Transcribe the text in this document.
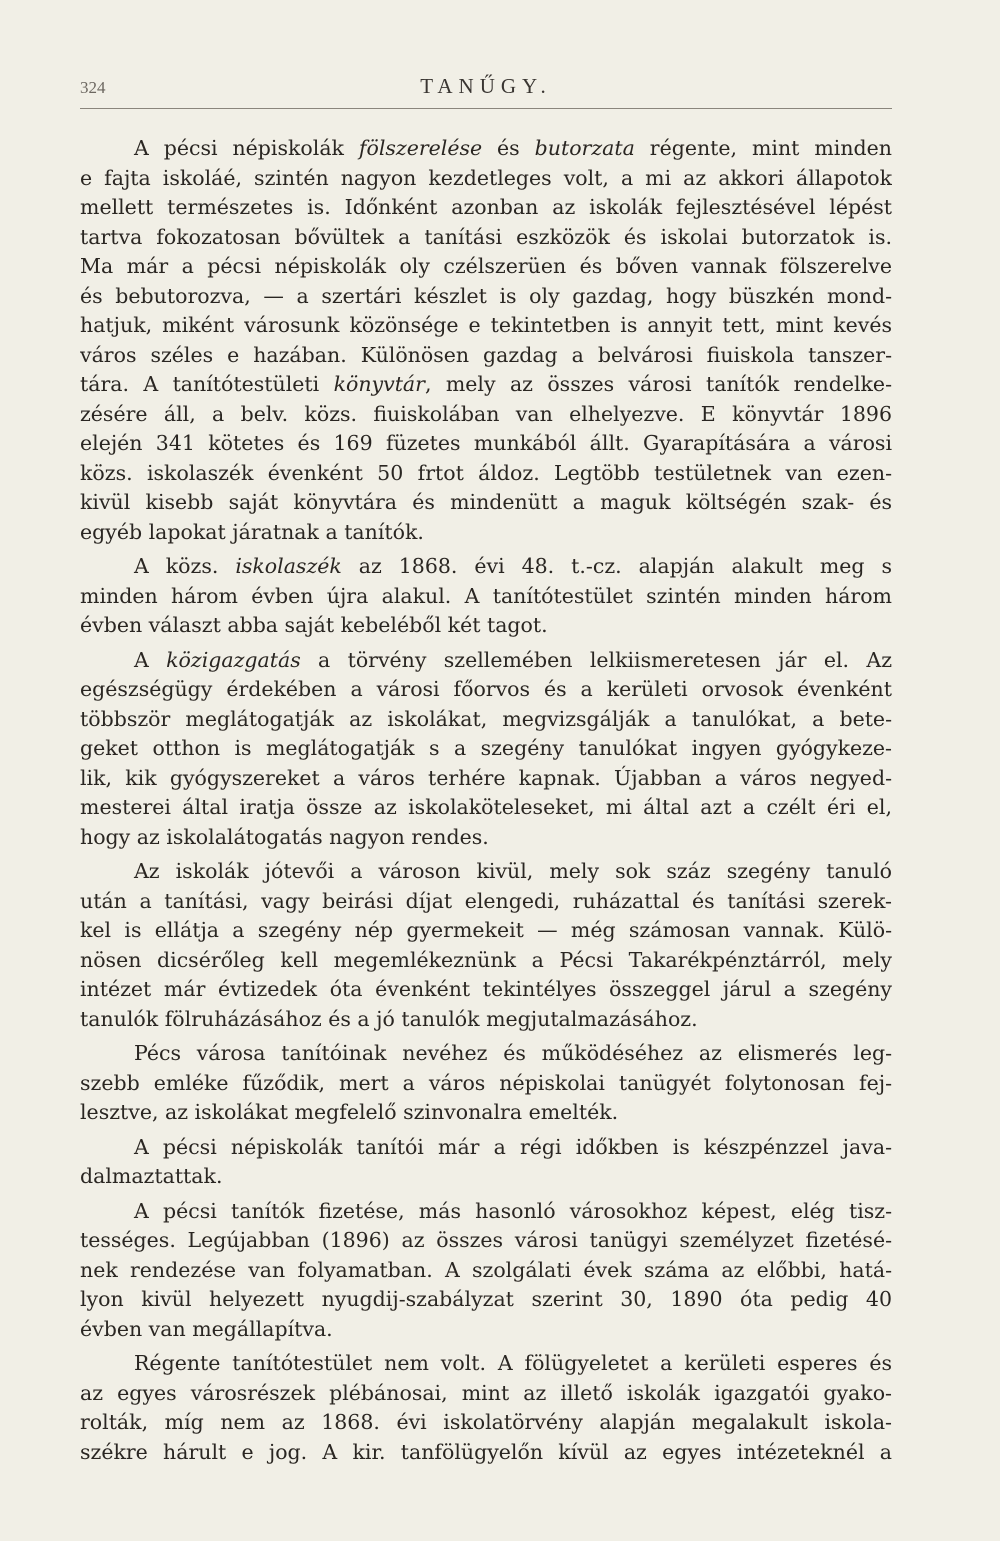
324	TANŰGY.
A pécsi népiskolák fölszerelése és butorzata régente, mint minden
e fajta iskoláé, szintén nagyon kezdetleges volt, a mi az akkori állapotok
mellett természetes is. Időnként azonban az iskolák fejlesztésével lépést
tartva fokozatosan bővültek a tanítási eszközök és iskolai butorzatok is.
Ma már a pécsi népiskolák oly czélszerüen és bőven vannak fölszerelve
és bebutorozva, — a szertári készlet is oly gazdag, hogy büszkén mond-
hatjuk, miként városunk közönsége e tekintetben is annyit tett, mint kevés
város széles e hazában. Különösen gazdag a belvárosi fiuiskola tanszer-
tára. A tanítótestületi könyvtár, mely az összes városi tanítók rendelke-
zésére áll, a belv. közs. fiuiskolában van elhelyezve. E könyvtár 1896
elején 341 kötetes és 169 füzetes munkából állt. Gyarapítására a városi
közs. iskolaszék évenként 50 frtot áldoz. Legtöbb testületnek van ezen-
kivül kisebb saját könyvtára és mindenütt a maguk költségén szak- és
egyéb lapokat járatnak a tanítók.
A közs. iskolaszék az 1868. évi 48. t.-cz. alapján alakult meg s
minden három évben újra alakul. A tanítótestület szintén minden három
évben választ abba saját kebeléből két tagot.
A közigazgatás a törvény szellemében lelkiismeretesen jár el. Az
egészségügy érdekében a városi főorvos és a kerületi orvosok évenként
többször meglátogatják az iskolákat, megvizsgálják a tanulókat, a bete-
geket otthon is meglátogatják s a szegény tanulókat ingyen gyógykeze-
lik, kik gyógyszereket a város terhére kapnak. Újabban a város negyed-
mesterei által iratja össze az iskolaköteleseket, mi által azt a czélt éri el,
hogy az iskolalátogatás nagyon rendes.
Az iskolák jótevői a városon kivül, mely sok száz szegény tanuló
után a tanítási, vagy beirási díjat elengedi, ruházattal és tanítási szerek-
kel is ellátja a szegény nép gyermekeit — még számosan vannak. Külö-
nösen dicsérőleg kell megemlékeznünk a Pécsi Takarékpénztárról, mely
intézet már évtizedek óta évenként tekintélyes összeggel járul a szegény
tanulók fölruházásához és a jó tanulók megjutalmazásához.
Pécs városa tanítóinak nevéhez és működéséhez az elismerés leg-
szebb emléke fűződik, mert a város népiskolai tanügyét folytonosan fej-
lesztve, az iskolákat megfelelő szinvonalra emelték.
A pécsi népiskolák tanítói már a régi időkben is készpénzzel java-
dalmaztattak.
A pécsi tanítók fizetése, más hasonló városokhoz képest, elég tisz-
tességes. Legújabban (1896) az összes városi tanügyi személyzet fizetésé-
nek rendezése van folyamatban. A szolgálati évek száma az előbbi, hatá-
lyon kivül helyezett nyugdij-szabályzat szerint 30, 1890 óta pedig 40
évben van megállapítva.
Régente tanítótestület nem volt. A fölügyeletet a kerületi esperes és
az egyes városrészek plébánosai, mint az illető iskolák igazgatói gyako-
rolták, míg nem az 1868. évi iskolatörvény alapján megalakult iskola-
székre hárult e jog. A kir. tanfölügyelőn kívül az egyes intézeteknél a
